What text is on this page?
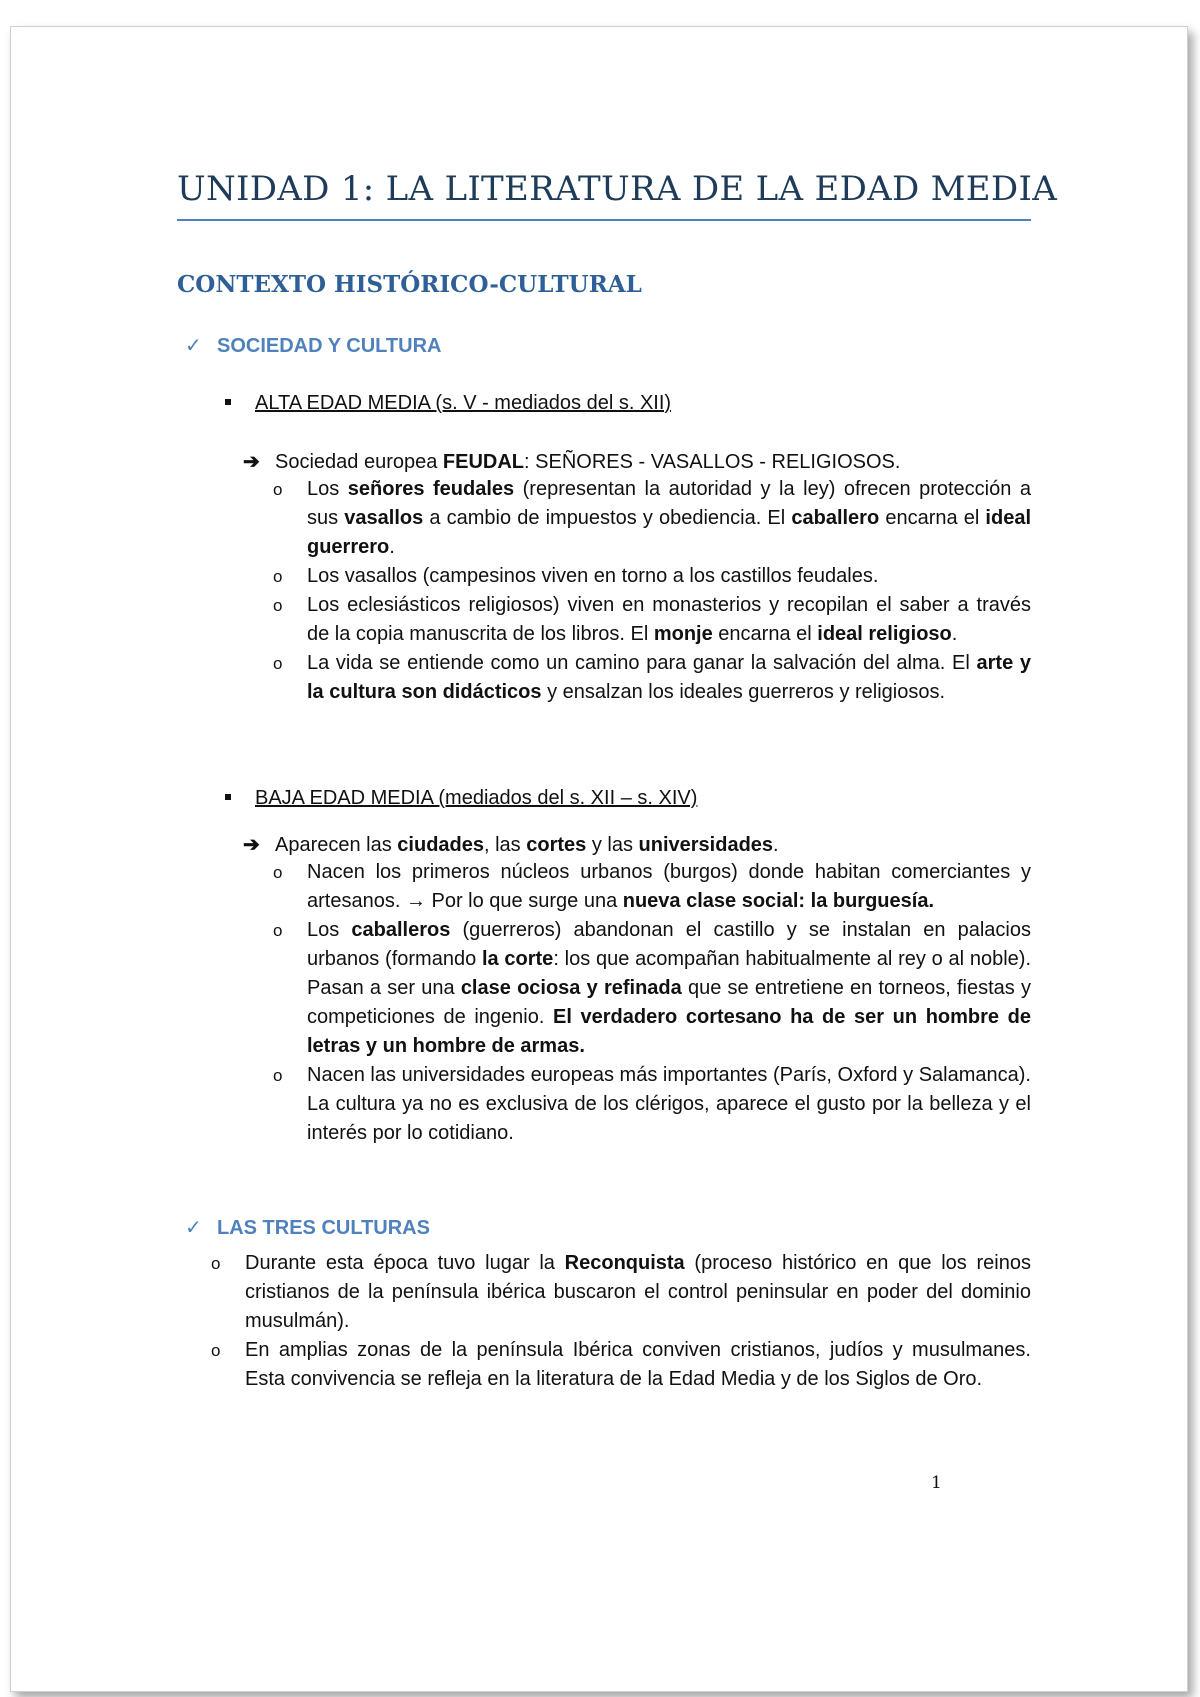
UNIDAD 1: LA LITERATURA DE LA EDAD MEDIA
CONTEXTO HISTÓRICO-CULTURAL
✓ SOCIEDAD Y CULTURA
ALTA EDAD MEDIA (s. V - mediados del s. XII)
➔ Sociedad europea FEUDAL: SEÑORES - VASALLOS - RELIGIOSOS.
o Los señores feudales (representan la autoridad y la ley) ofrecen protección a sus vasallos a cambio de impuestos y obediencia. El caballero encarna el ideal guerrero.
o Los vasallos (campesinos viven en torno a los castillos feudales.
o Los eclesiásticos religiosos) viven en monasterios y recopilan el saber a través de la copia manuscrita de los libros. El monje encarna el ideal religioso.
o La vida se entiende como un camino para ganar la salvación del alma. El arte y la cultura son didácticos y ensalzan los ideales guerreros y religiosos.
BAJA EDAD MEDIA (mediados del s. XII – s. XIV)
➔ Aparecen las ciudades, las cortes y las universidades.
o Nacen los primeros núcleos urbanos (burgos) donde habitan comerciantes y artesanos. → Por lo que surge una nueva clase social: la burguesía.
o Los caballeros (guerreros) abandonan el castillo y se instalan en palacios urbanos (formando la corte: los que acompañan habitualmente al rey o al noble). Pasan a ser una clase ociosa y refinada que se entretiene en torneos, fiestas y competiciones de ingenio. El verdadero cortesano ha de ser un hombre de letras y un hombre de armas.
o Nacen las universidades europeas más importantes (París, Oxford y Salamanca). La cultura ya no es exclusiva de los clérigos, aparece el gusto por la belleza y el interés por lo cotidiano.
✓ LAS TRES CULTURAS
o Durante esta época tuvo lugar la Reconquista (proceso histórico en que los reinos cristianos de la península ibérica buscaron el control peninsular en poder del dominio musulmán).
o En amplias zonas de la península Ibérica conviven cristianos, judíos y musulmanes. Esta convivencia se refleja en la literatura de la Edad Media y de los Siglos de Oro.
1
